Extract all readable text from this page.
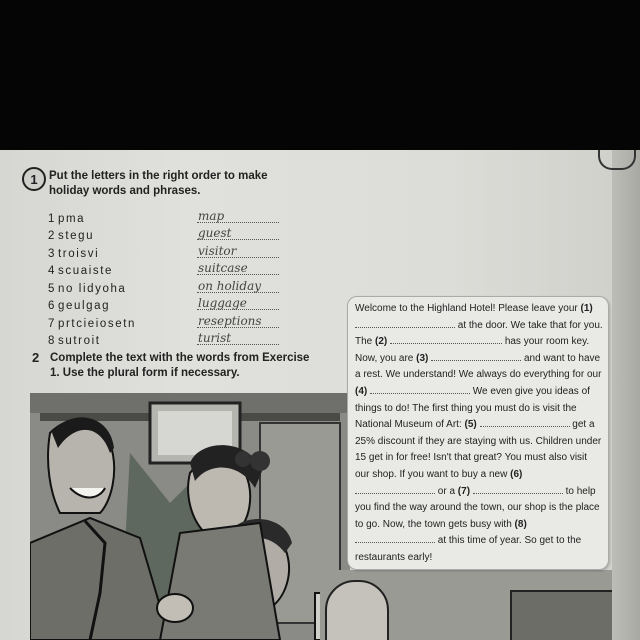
1 Put the letters in the right order to make holiday words and phrases.
1 pma	map
2 stegu	guest
3 troisvi	visitor
4 scuaiste	suitcase
5 no lidyoha	on holiday
6 geulgag	luggage
7 prtcieiosetn	reseptions
8 sutroit	turist
2 Complete the text with the words from Exercise 1. Use the plural form if necessary.
Welcome to the Highland Hotel! Please leave your (1)  at the door. We take that for you. The (2)	has your room key. Now, you are (3)	and want to have a rest. We understand! We always do everything for our (4)	We even give you ideas of things to do! The first thing you must do is visit the National Museum of Art: (5)	get a 25% discount if they are staying with us. Children under 15 get in for free! Isn't that great? You must also visit our shop. If you want to buy a new (6)  or a (7)	to help you find the way around the town, our shop is the place to go. Now, the town gets busy with (8)  at this time of year. So get to the restaurants early!
